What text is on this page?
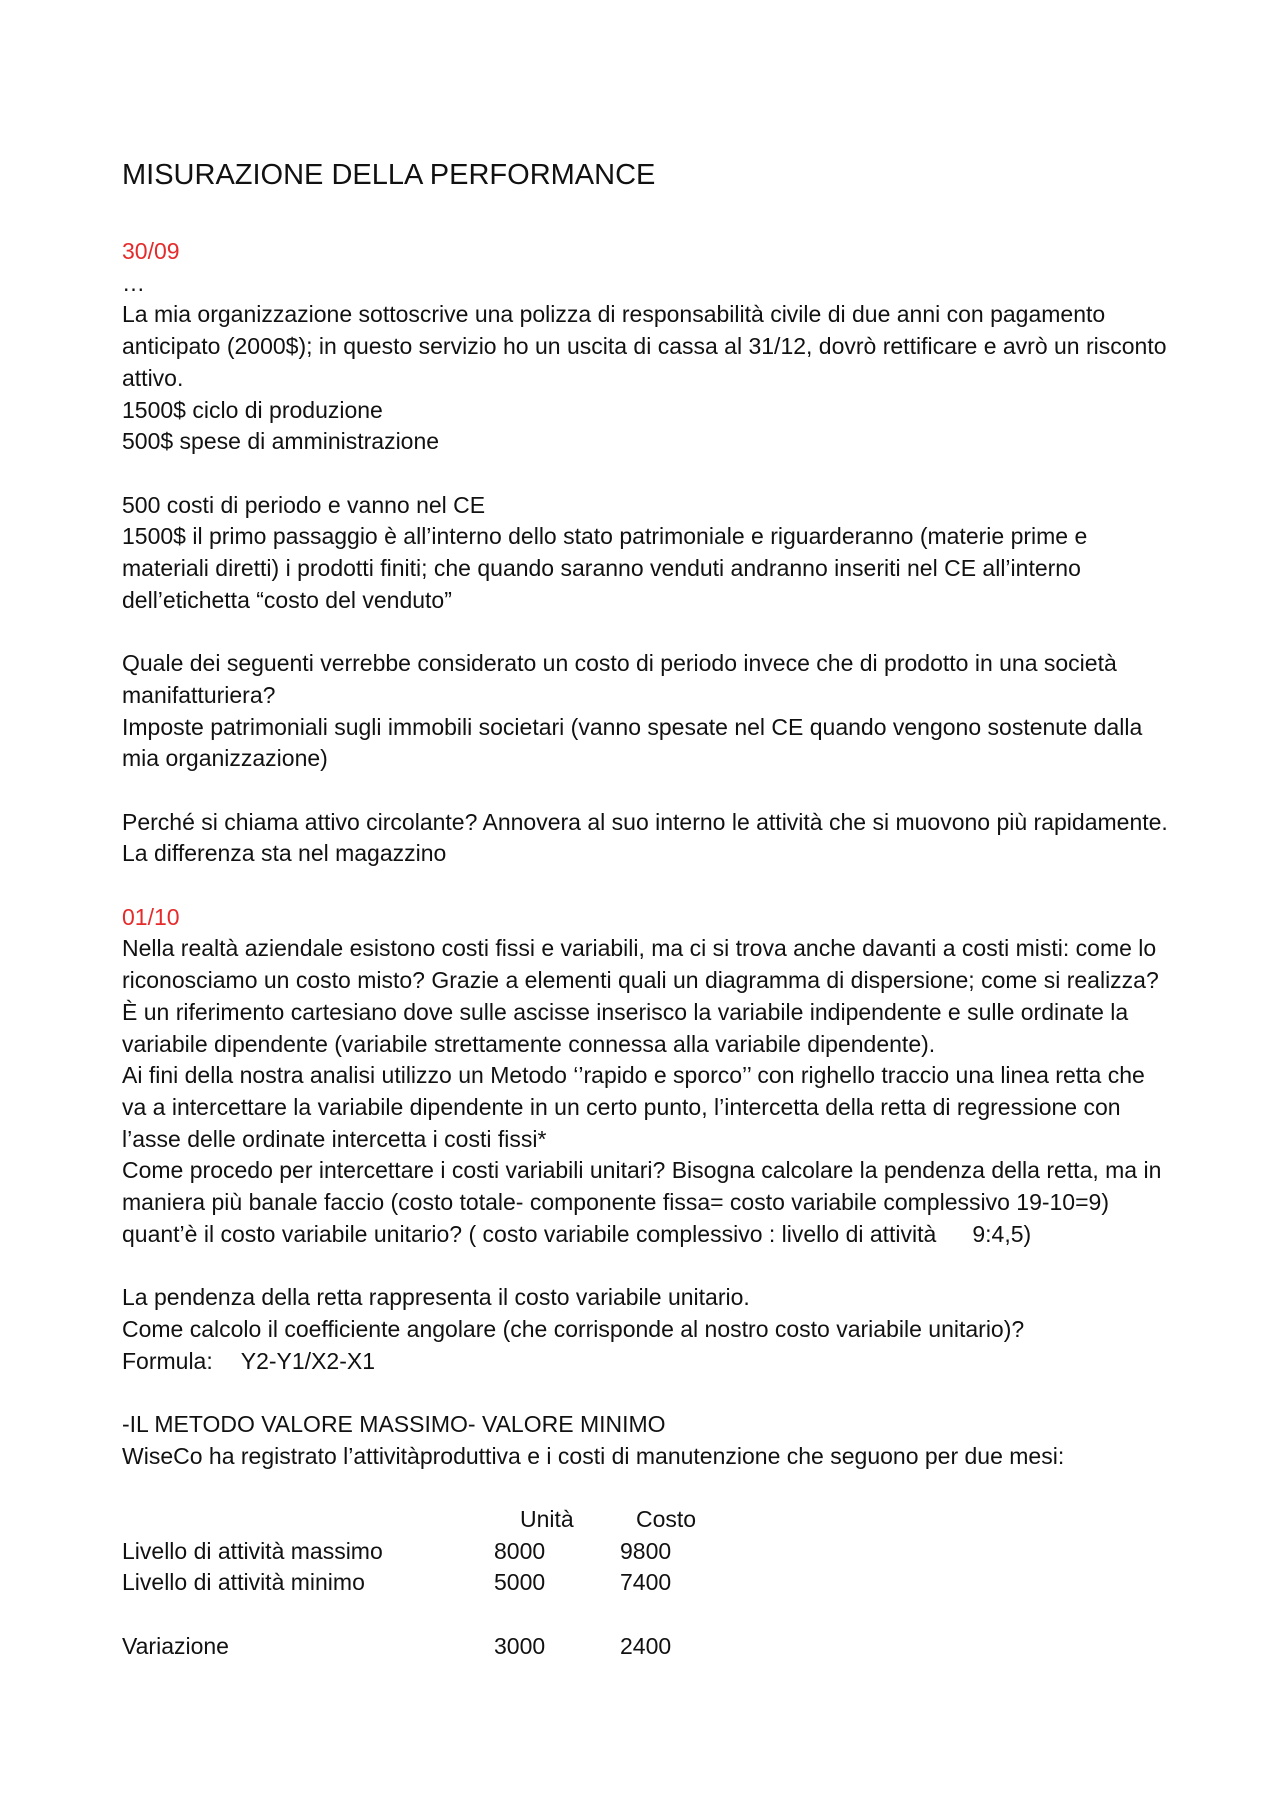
MISURAZIONE DELLA PERFORMANCE

30/09

…

La mia organizzazione sottoscrive una polizza di responsabilità civile di due anni con pagamento anticipato (2000$); in questo servizio ho un uscita di cassa al 31/12, dovrò rettificare e avrò un risconto attivo.

1500$ ciclo di produzione

500$ spese di amministrazione

500 costi di periodo e vanno nel CE

1500$ il primo passaggio è all’interno dello stato patrimoniale e riguarderanno (materie prime e materiali diretti) i prodotti finiti; che quando saranno venduti andranno inseriti nel CE all’interno dell’etichetta “costo del venduto”

Quale dei seguenti verrebbe considerato un costo di periodo invece che di prodotto in una società manifatturiera?

Imposte patrimoniali sugli immobili societari (vanno spesate nel CE quando vengono sostenute dalla mia organizzazione)

Perché si chiama attivo circolante? Annovera al suo interno le attività che si muovono più rapidamente.

La differenza sta nel magazzino

01/10

Nella realtà aziendale esistono costi fissi e variabili, ma ci si trova anche davanti a costi misti: come lo riconosciamo un costo misto? Grazie a elementi quali un diagramma di dispersione; come si realizza? È un riferimento cartesiano dove sulle ascisse inserisco la variabile indipendente e sulle ordinate la variabile dipendente (variabile strettamente connessa alla variabile dipendente).

Ai fini della nostra analisi utilizzo un Metodo ‘’rapido e sporco’’ con righello traccio una linea retta che va a intercettare la variabile dipendente in un certo punto, l’intercetta della retta di regressione con l’asse delle ordinate intercetta i costi fissi*

Come procedo per intercettare i costi variabili unitari? Bisogna calcolare la pendenza della retta, ma in maniera più banale faccio (costo totale- componente fissa= costo variabile complessivo 19-10=9) quant’è il costo variabile unitario? ( costo variabile complessivo : livello di attività 9:4,5)

La pendenza della retta rappresenta il costo variabile unitario.

Come calcolo il coefficiente angolare (che corrisponde al nostro costo variabile unitario)?

Formula: Y2-Y1/X2-X1

-IL METODO VALORE MASSIMO- VALORE MINIMO

WiseCo ha registrato l’attivitàproduttiva e i costi di manutenzione che seguono per due mesi:

	Unità	Costo
Livello di attività massimo	8000	9800
Livello di attività minimo	5000	7400

Variazione	3000	2400
